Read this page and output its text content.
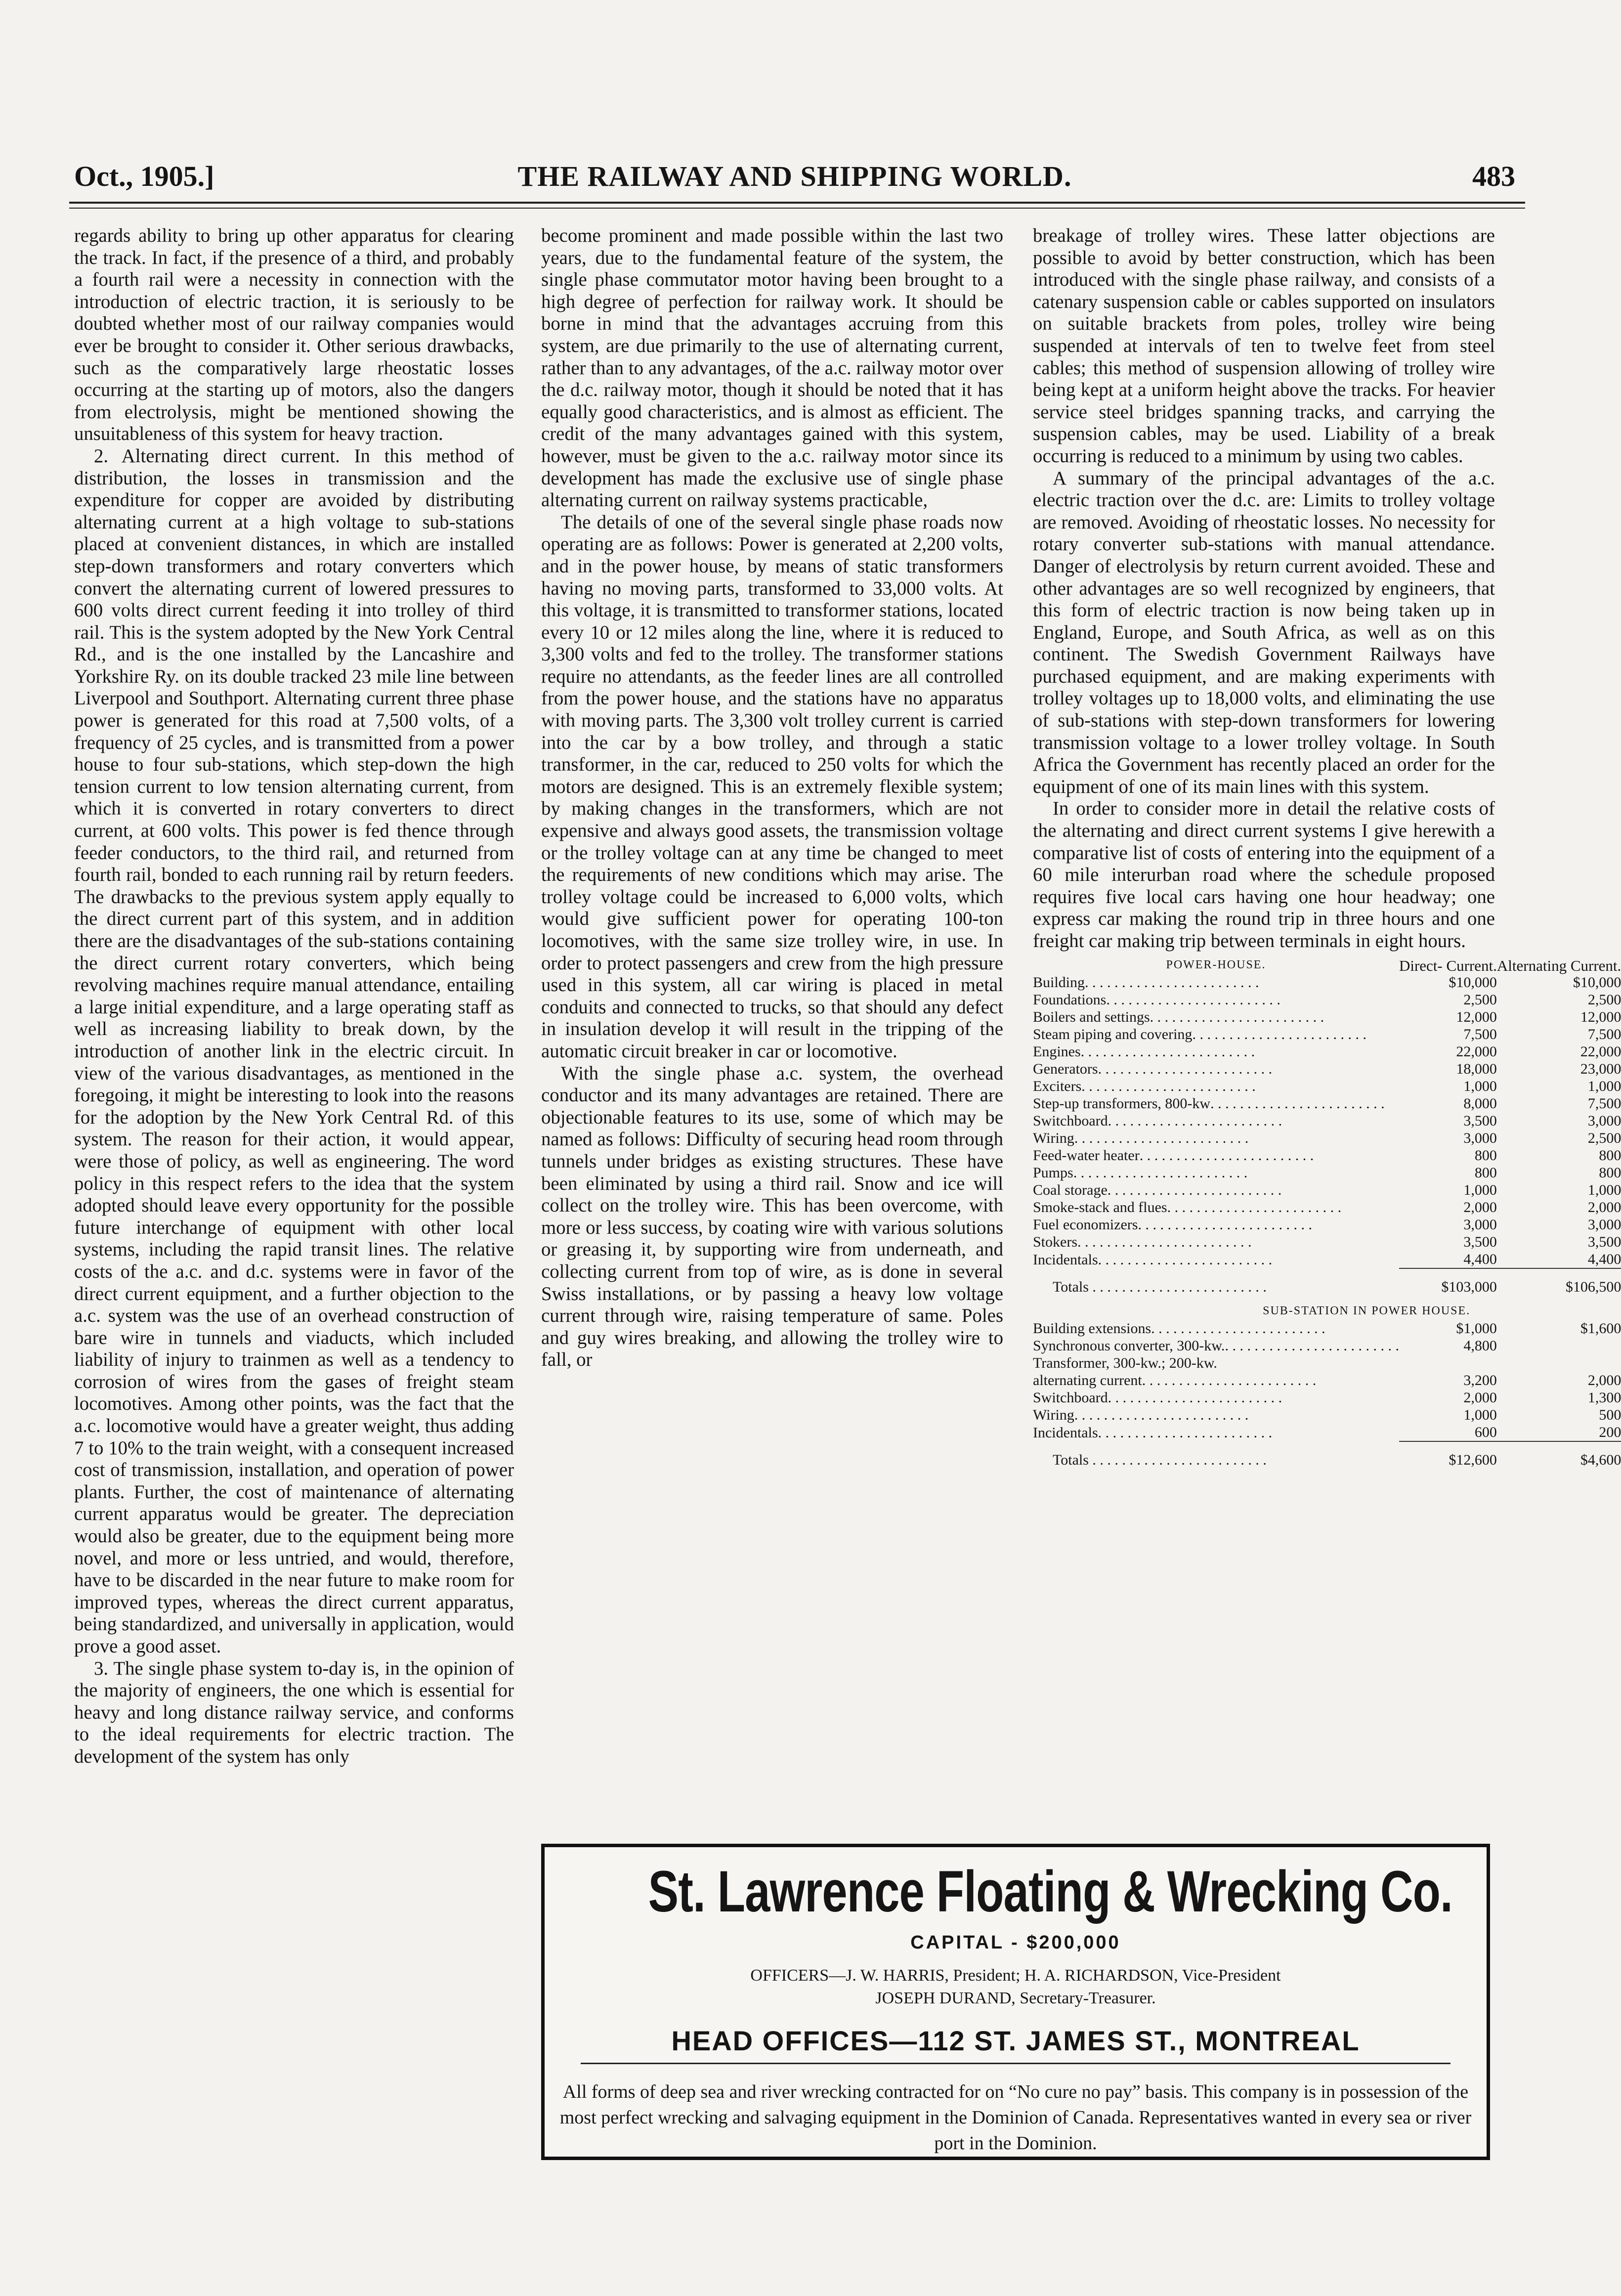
Oct., 1905.]	THE RAILWAY AND SHIPPING WORLD.	483

regards ability to bring up other apparatus for clearing the track. In fact, if the presence of a third, and probably a fourth rail were a necessity in connection with the introduction of electric traction, it is seriously to be doubted whether most of our railway companies would ever be brought to consider it. Other serious drawbacks, such as the comparatively large rheostatic losses occurring at the starting up of motors, also the dangers from electrolysis, might be mentioned showing the unsuitableness of this system for heavy traction.

2. Alternating direct current. In this method of distribution, the losses in transmission and the expenditure for copper are avoided by distributing alternating current at a high voltage to sub-stations placed at convenient distances, in which are installed step-down transformers and rotary converters which convert the alternating current of lowered pressures to 600 volts direct current feeding it into trolley of third rail. This is the system adopted by the New York Central Rd., and is the one installed by the Lancashire and Yorkshire Ry. on its double tracked 23 mile line between Liverpool and Southport. Alternating current three phase power is generated for this road at 7,500 volts, of a frequency of 25 cycles, and is transmitted from a power house to four sub-stations, which step-down the high tension current to low tension alternating current, from which it is converted in rotary converters to direct current, at 600 volts. This power is fed thence through feeder conductors, to the third rail, and returned from fourth rail, bonded to each running rail by return feeders. The drawbacks to the previous system apply equally to the direct current part of this system, and in addition there are the disadvantages of the sub-stations containing the direct current rotary converters, which being revolving machines require manual attendance, entailing a large initial expenditure, and a large operating staff as well as increasing liability to break down, by the introduction of another link in the electric circuit. In view of the various disadvantages, as mentioned in the foregoing, it might be interesting to look into the reasons for the adoption by the New York Central Rd. of this system. The reason for their action, it would appear, were those of policy, as well as engineering. The word policy in this respect refers to the idea that the system adopted should leave every opportunity for the possible future interchange of equipment with other local systems, including the rapid transit lines. The relative costs of the a.c. and d.c. systems were in favor of the direct current equipment, and a further objection to the a.c. system was the use of an overhead construction of bare wire in tunnels and viaducts, which included liability of injury to trainmen as well as a tendency to corrosion of wires from the gases of freight steam locomotives. Among other points, was the fact that the a.c. locomotive would have a greater weight, thus adding 7 to 10% to the train weight, with a consequent increased cost of transmission, installation, and operation of power plants. Further, the cost of maintenance of alternating current apparatus would be greater. The depreciation would also be greater, due to the equipment being more novel, and more or less untried, and would, therefore, have to be discarded in the near future to make room for improved types, whereas the direct current apparatus, being standardized, and universally in application, would prove a good asset.

3. The single phase system to-day is, in the opinion of the majority of engineers, the one which is essential for heavy and long distance railway service, and conforms to the ideal requirements for electric traction. The development of the system has only

become prominent and made possible within the last two years, due to the fundamental feature of the system, the single phase commutator motor having been brought to a high degree of perfection for railway work. It should be borne in mind that the advantages accruing from this system, are due primarily to the use of alternating current, rather than to any advantages, of the a.c. railway motor over the d.c. railway motor, though it should be noted that it has equally good characteristics, and is almost as efficient. The credit of the many advantages gained with this system, however, must be given to the a.c. railway motor since its development has made the exclusive use of single phase alternating current on railway systems practicable,

The details of one of the several single phase roads now operating are as follows: Power is generated at 2,200 volts, and in the power house, by means of static transformers having no moving parts, transformed to 33,000 volts. At this voltage, it is transmitted to transformer stations, located every 10 or 12 miles along the line, where it is reduced to 3,300 volts and fed to the trolley. The transformer stations require no attendants, as the feeder lines are all controlled from the power house, and the stations have no apparatus with moving parts. The 3,300 volt trolley current is carried into the car by a bow trolley, and through a static transformer, in the car, reduced to 250 volts for which the motors are designed. This is an extremely flexible system; by making changes in the transformers, which are not expensive and always good assets, the transmission voltage or the trolley voltage can at any time be changed to meet the requirements of new conditions which may arise. The trolley voltage could be increased to 6,000 volts, which would give sufficient power for operating 100-ton locomotives, with the same size trolley wire, in use. In order to protect passengers and crew from the high pressure used in this system, all car wiring is placed in metal conduits and connected to trucks, so that should any defect in insulation develop it will result in the tripping of the automatic circuit breaker in car or locomotive.

With the single phase a.c. system, the overhead conductor and its many advantages are retained. There are objectionable features to its use, some of which may be named as follows: Difficulty of securing head room through tunnels under bridges as existing structures. These have been eliminated by using a third rail. Snow and ice will collect on the trolley wire. This has been overcome, with more or less success, by coating wire with various solutions or greasing it, by supporting wire from underneath, and collecting current from top of wire, as is done in several Swiss installations, or by passing a heavy low voltage current through wire, raising temperature of same. Poles and guy wires breaking, and allowing the trolley wire to fall, or

breakage of trolley wires. These latter objections are possible to avoid by better construction, which has been introduced with the single phase railway, and consists of a catenary suspension cable or cables supported on insulators on suitable brackets from poles, trolley wire being suspended at intervals of ten to twelve feet from steel cables; this method of suspension allowing of trolley wire being kept at a uniform height above the tracks. For heavier service steel bridges spanning tracks, and carrying the suspension cables, may be used. Liability of a break occurring is reduced to a minimum by using two cables.

A summary of the principal advantages of the a.c. electric traction over the d.c. are: Limits to trolley voltage are removed. Avoiding of rheostatic losses. No necessity for rotary converter sub-stations with manual attendance. Danger of electrolysis by return current avoided. These and other advantages are so well recognized by engineers, that this form of electric traction is now being taken up in England, Europe, and South Africa, as well as on this continent. The Swedish Government Railways have purchased equipment, and are making experiments with trolley voltages up to 18,000 volts, and eliminating the use of sub-stations with step-down transformers for lowering transmission voltage to a lower trolley voltage. In South Africa the Government has recently placed an order for the equipment of one of its main lines with this system.

In order to consider more in detail the relative costs of the alternating and direct current systems I give herewith a comparative list of costs of entering into the equipment of a 60 mile interurban road where the schedule proposed requires five local cars having one hour headway; one express car making the round trip in three hours and one freight car making trip between terminals in eight hours.

POWER-HOUSE.	Direct- Current.	Alternating Current.
Building. . . . . . . . . . . . . . . . . . . . . . . .	$10,000	$10,000
Foundations. . . . . . . . . . . . . . . . . . . . . . . .	2,500	2,500
Boilers and settings. . . . . . . . . . . . . . . . . . . . . . . .	12,000	12,000
Steam piping and covering. . . . . . . . . . . . . . . . . . . . . . . .	7,500	7,500
Engines. . . . . . . . . . . . . . . . . . . . . . . .	22,000	22,000
Generators. . . . . . . . . . . . . . . . . . . . . . . .	18,000	23,000
Exciters. . . . . . . . . . . . . . . . . . . . . . . .	1,000	1,000
Step-up transformers, 800-kw. . . . . . . . . . . . . . . . . . . . . . . .	8,000	7,500
Switchboard. . . . . . . . . . . . . . . . . . . . . . . .	3,500	3,000
Wiring. . . . . . . . . . . . . . . . . . . . . . . .	3,000	2,500
Feed-water heater. . . . . . . . . . . . . . . . . . . . . . . .	800	800
Pumps. . . . . . . . . . . . . . . . . . . . . . . .	800	800
Coal storage. . . . . . . . . . . . . . . . . . . . . . . .	1,000	1,000
Smoke-stack and flues. . . . . . . . . . . . . . . . . . . . . . . .	2,000	2,000
Fuel economizers. . . . . . . . . . . . . . . . . . . . . . . .	3,000	3,000
Stokers. . . . . . . . . . . . . . . . . . . . . . . .	3,500	3,500
Incidentals. . . . . . . . . . . . . . . . . . . . . . . .	4,400	4,400
Totals . . . . . . . . . . . . . . . . . . . . . . . .	$103,000	$106,500
SUB-STATION IN POWER HOUSE.		
Building extensions. . . . . . . . . . . . . . . . . . . . . . . .	$1,000	$1,600
Synchronous converter, 300-kw.. . . . . . . . . . . . . . . . . . . . . . . .	4,800	
Transformer, 300-kw.; 200-kw.		
alternating current. . . . . . . . . . . . . . . . . . . . . . . .	3,200	2,000
Switchboard. . . . . . . . . . . . . . . . . . . . . . . .	2,000	1,300
Wiring. . . . . . . . . . . . . . . . . . . . . . . .	1,000	500
Incidentals. . . . . . . . . . . . . . . . . . . . . . . .	600	200
Totals . . . . . . . . . . . . . . . . . . . . . . . .	$12,600	$4,600
St. Lawrence Floating & Wrecking Co.
CAPITAL - $200,000
OFFICERS—J. W. HARRIS, President; H. A. RICHARDSON, Vice-President
JOSEPH DURAND, Secretary-Treasurer.
HEAD OFFICES—112 ST. JAMES ST., MONTREAL
All forms of deep sea and river wrecking contracted for on “No cure no pay” basis. This company is in possession of the most perfect wrecking and salvaging equipment in the Dominion of Canada. Representatives wanted in every sea or river port in the Dominion.
